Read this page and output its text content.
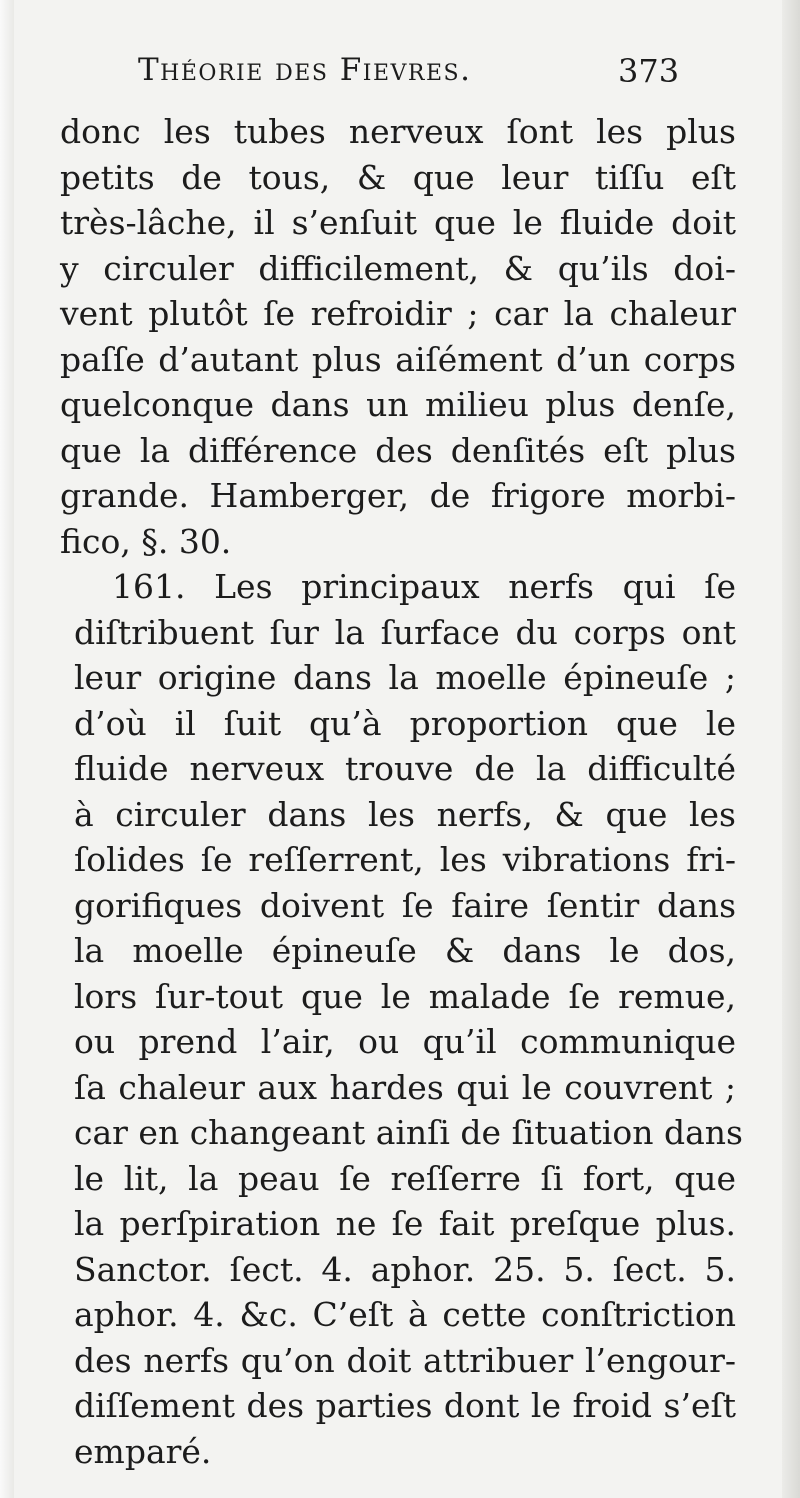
Théorie des Fievres.	373
donc les tubes nerveux ſont les plus
petits de tous, & que leur tiſſu eſt
très-lâche, il s’enſuit que le fluide doit
y circuler difficilement, & qu’ils doi-
vent plutôt ſe refroidir ; car la chaleur
paſſe d’autant plus aiſément d’un corps
quelconque dans un milieu plus denſe,
que la différence des denſités eſt plus
grande. Hamberger, de frigore morbi-
fico, §. 30.
161. Les principaux nerfs qui ſe
diſtribuent ſur la ſurface du corps ont
leur origine dans la moelle épineuſe ;
d’où il ſuit qu’à proportion que le
fluide nerveux trouve de la difficulté
à circuler dans les nerfs, & que les
ſolides ſe reſſerrent, les vibrations fri-
gorifiques doivent ſe faire ſentir dans
la moelle épineuſe & dans le dos,
lors ſur-tout que le malade ſe remue,
ou prend l’air, ou qu’il communique
ſa chaleur aux hardes qui le couvrent ;
car en changeant ainſi de ſituation dans
le lit, la peau ſe reſſerre ſi fort, que
la perſpiration ne ſe fait preſque plus.
Sanctor. ſect. 4. aphor. 25. 5. ſect. 5.
aphor. 4. &c. C’eſt à cette conſtriction
des nerfs qu’on doit attribuer l’engour-
diſſement des parties dont le froid s’eſt
emparé.
